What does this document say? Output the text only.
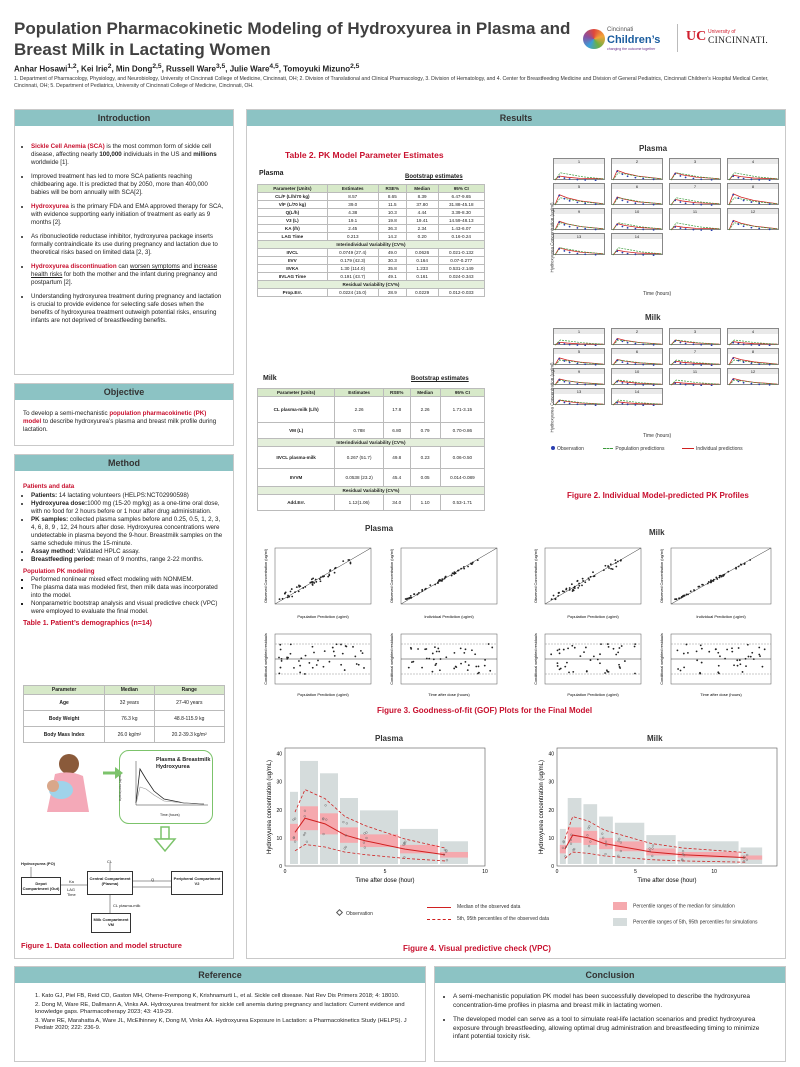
Population Pharmacokinetic Modeling of Hydroxyurea in Plasma and Breast Milk in Lactating Women
Anhar Hosawi$^{1,2}$, Kei Irie$^2$, Min Dong$^{2,5}$, Russell Ware$^{3,5}$, Julie Ware$^{4,5}$, Tomoyuki Mizuno$^{2,5}$
1. Department of Pharmacology, Physiology, and Neurobiology, University of Cincinnati College of Medicine, Cincinnati, OH; 2. Division of Translational and Clinical Pharmacology, 3. Division of Hematology, and 4. Center for Breastfeeding Medicine and Division of General Pediatrics, Cincinnati Children’s Hospital Medical Center, Cincinnati, OH; 5. Department of Pediatrics, University of Cincinnati College of Medicine, Cincinnati, OH.
Cincinnati
Children’s
changing the outcome together
UC University of
CINCINNATI.
Introduction
• Sickle Cell Anemia (SCA) is the most common form of sickle cell disease, affecting nearly 100,000 individuals in the US and millions worldwide [1].
• Improved treatment has led to more SCA patients reaching childbearing age. It is predicted that by 2050, more than 400,000 babies will be born annually with SCA[2].
• Hydroxyurea is the primary FDA and EMA approved therapy for SCA, with evidence supporting early initiation of treatment as early as 9 months [2].
• As ribonucleotide reductase inhibitor, hydroxyurea package inserts formally contraindicate its use during pregnancy and lactation due to theoretical risks based on limited data [2, 3].
• Hydroxyurea discontinuation can worsen symptoms and increase health risks for both the mother and the infant during pregnancy and postpartum [2].
• Understanding hydroxyurea treatment during pregnancy and lactation is crucial to provide evidence for selecting safe doses when the benefits of hydroxyurea treatment outweigh potential risks, ensuring infants are not deprived of breastfeeding benefits.
Objective
To develop a semi-mechanistic population pharmacokinetic (PK) model to describe hydroxyurea’s plasma and breast milk profile during lactation.
Method
Patients and data
• Patients: 14 lactating volunteers (HELPS:NCT02990598)
• Hydroxyurea dose:1000 mg (15-20 mg/kg) as a one-time oral dose, with no food for 2 hours before or 1 hour after drug administration.
• PK samples: collected plasma samples before and 0.25, 0.5, 1, 2, 3, 4, 6, 8, 9 , 12, 24 hours after dose. Hydroxyurea concentrations were undetectable in plasma beyond the 9-hour. Breastmilk samples on the same schedule minus the 15-minute.
• Assay method: Validated HPLC assay.
• Breastfeeding period: mean of 9 months, range 2-22 months.
Population PK modeling
▪ Performed nonlinear mixed effect modeling with NONMEM.
▪ The plasma data was modeled first, then milk data was incorporated into the model.
▪ Nonparametric bootstrap analysis and visual predictive check (VPC) were employed to evaluate the final model.
Table 1. Patient’s demographics (n=14)
Parameter	Median	Range
Age	32 years	27-40 years
Body Weight	76.3 kg	48.8-115.9 kg
Body Mass Index	26.0 kg/m²	20.2-39.3 kg/m²
Plasma & Breastmilk
Hydroxyurea
Time (hours)
Hydroxyurea (ug/mL)
Hydroxyurea (PO)
Depot Compartment (Gut)
Ka
LAG Time
Central Compartment (Plasma)
CL
Q	Peripheral Compartment V2
CL plasma-milk
Milk Compartment VM
Figure 1. Data collection and model structure
Results
Table 2. PK Model Parameter Estimates
Plasma	Bootstrap estimates
Parameter (Units)	Estimates	RSE%	Median	95% CI
CL/F (L/h/70 kg)	8.57	8.65	8.39	6.47-9.65
V/F (L/70 kg)	39.0	11.5	37.80	31.88-45.18
Q(L/h)	4.38	10.3	4.44	3.39-8.30
V3 (L)	19.1	19.8	19.41	14.59-48.13
KA (/h)	2.45	36.3	2.34	1.43-6.07
LAG Time	0.213	14.2	0.20	0.16-0.24
Interindividual Variability (CV%)				
IIVCL	0.0749 (27.4)	49.0	0.0626	0.021-0.132
IIVV	0.179 (42.3)	30.3	0.164	0.07-0.277
IIVKA	1.30 (114.0)	35.8	1.233	0.531-2.149
IIVLAG Time	0.191 (43.7)	49.1	0.161	0.024-0.343
Residual Variability (CV%)				
Prop.Err.	0.0224 (15.0)	28.9	0.0229	0.012-0.033
Milk	Bootstrap estimates
Parameter (Units)	Estimates	RSE%	Median	95% CI
CL plasma-milk (L/h)	2.26	17.8	2.26	1.71-3.15
VM (L)	0.788	6.80	0.79	0.70-0.86
Interindividual Variability (CV%)				
IIVCL plasma-milk	0.267 (51.7)	49.8	0.23	0.06-0.50
IIVVM	0.0538 (23.2)	45.4	0.05	0.014-0.089
Residual Variability (CV%)				
Add.Err.	1.12(1.06)	34.0	1.10	0.53-1.71
Plasma
1	2	3	4
5	6	7	8
9	10	11	12
13	14
Time (hours)
Hydroxyurea Concentration (ug/ml)
Milk
1	2	3	4
5	6	7	8
9	10	11	12
13	14
Time (hours)
Hydroxyurea Concentration (ug/ml)
Observation	Population predictions	Individual predictions
Figure 2. Individual Model-predicted PK Profiles
Plasma	Milk
Population Prediction (ug/ml)	Individual Prediction (ug/ml)	Population Prediction (ug/ml)	Individual Prediction (ug/ml)
Population Prediction (ug/ml)	Time after dose (hours)	Population Prediction (ug/ml)	Time after dose (hours)
Observed Concentration (ug/ml)	Observed Concentration (ug/ml)	Observed Concentration (ug/ml)	Observed Concentration (ug/ml)
Conditional weighted residuals	Conditional weighted residuals	Conditional weighted residuals	Conditional weighted residuals
Figure 3. Goodness-of-fit (GOF) Plots for the Final Model
Plasma	Milk
0	5	10
0
10
20
30
40
Time after dose (hour)
Hydroxyurea concentration (ug/mL)
0	5	10
0
10
20
30
40
Time after dose (hour)
Hydroxyurea concentration (ug/mL)
Observation
Median of the observed data
5th, 95th percentiles of the observed data
Percentile ranges of the median for simulation
Percentile ranges of 5th, 95th percentiles for simulations
Figure 4. Visual predictive check (VPC)
Reference
1. Kato GJ, Piel FB, Reid CD, Gaston MH, Ohene-Frempong K, Krishnamurti L, et al. Sickle cell disease. Nat Rev Dis Primers 2018; 4: 18010.
2. Dong M, Ware RE, Dallmann A, Vinks AA. Hydroxyurea treatment for sickle cell anemia during pregnancy and lactation: Current evidence and knowledge gaps. Pharmacotherapy 2023; 43: 419-29.
3. Ware RE, Marahatta A, Ware JL, McElhinney K, Dong M, Vinks AA. Hydroxyurea Exposure in Lactation: a Pharmacokinetics Study (HELPS). J Pediatr 2020; 222: 236-9.
Conclusion
• A semi-mechanistic population PK model has been successfully developed to describe the hydroxyurea concentration-time profiles in plasma and breast milk in lactating women.
• The developed model can serve as a tool to simulate real-life lactation scenarios and predict hydroxyurea exposure through breastfeeding, allowing optimal drug administration and breastfeeding timing to minimize infant potential toxicity risk.
